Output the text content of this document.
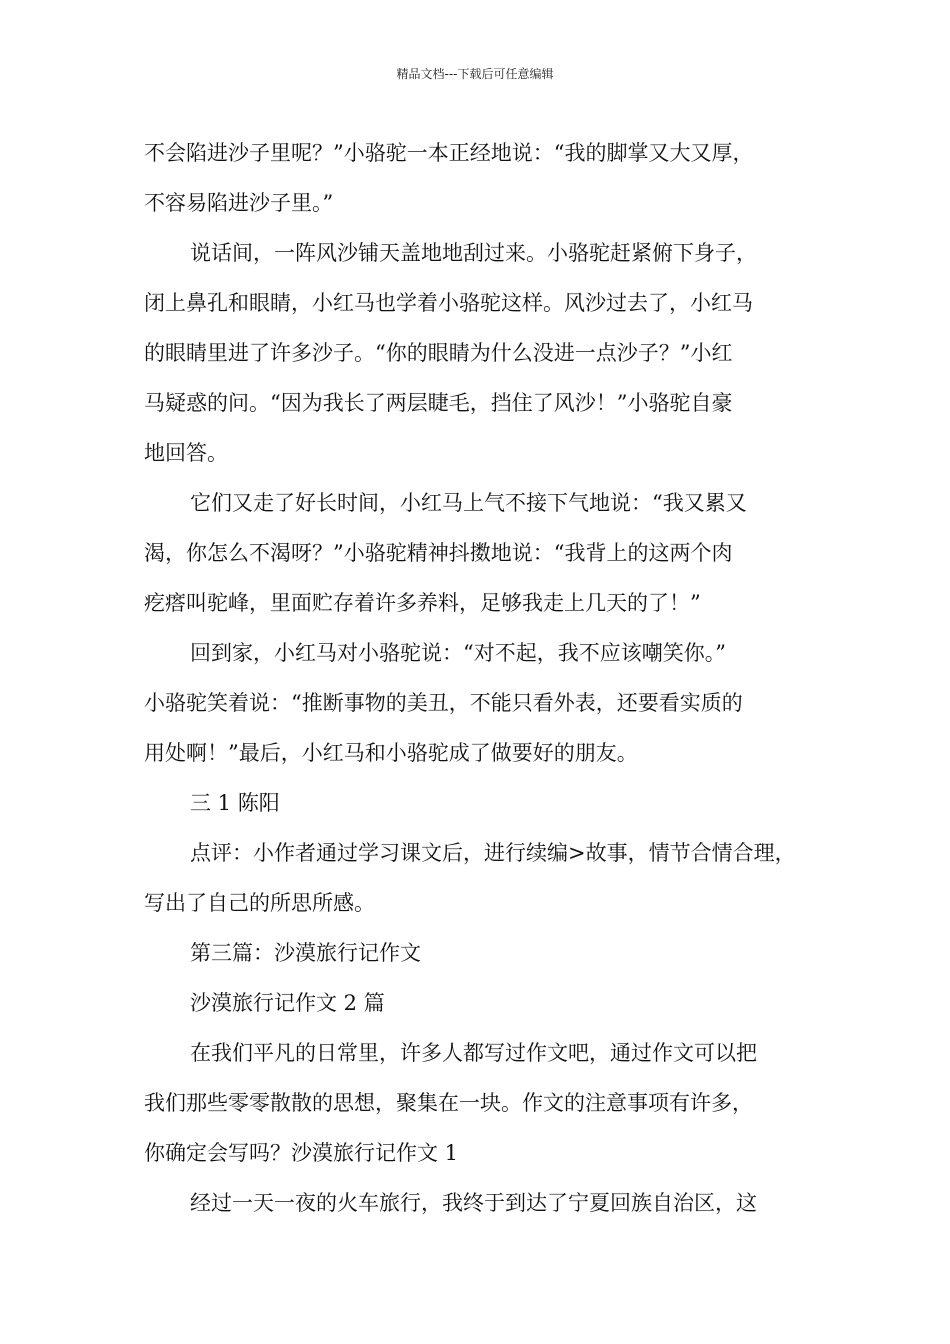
精品文档---下载后可任意编辑
不会陷进沙子里呢？”小骆驼一本正经地说：“我的脚掌又大又厚，
不容易陷进沙子里。”
说话间，一阵风沙铺天盖地地刮过来。小骆驼赶紧俯下身子，
闭上鼻孔和眼睛，小红马也学着小骆驼这样。风沙过去了，小红马
的眼睛里进了许多沙子。“你的眼睛为什么没进一点沙子？”小红
马疑惑的问。“因为我长了两层睫毛，挡住了风沙！”小骆驼自豪
地回答。
它们又走了好长时间，小红马上气不接下气地说：“我又累又
渴，你怎么不渴呀？”小骆驼精神抖擞地说：“我背上的这两个肉
疙瘩叫驼峰，里面贮存着许多养料，足够我走上几天的了！”
回到家，小红马对小骆驼说：“对不起，我不应该嘲笑你。”
小骆驼笑着说：“推断事物的美丑，不能只看外表，还要看实质的
用处啊！”最后，小红马和小骆驼成了做要好的朋友。
三 1 陈阳
点评：小作者通过学习课文后，进行续编>故事，情节合情合理，
写出了自己的所思所感。
第三篇：沙漠旅行记作文
沙漠旅行记作文 2 篇
在我们平凡的日常里，许多人都写过作文吧，通过作文可以把
我们那些零零散散的思想，聚集在一块。作文的注意事项有许多，
你确定会写吗？沙漠旅行记作文 1
经过一天一夜的火车旅行，我终于到达了宁夏回族自治区，这
